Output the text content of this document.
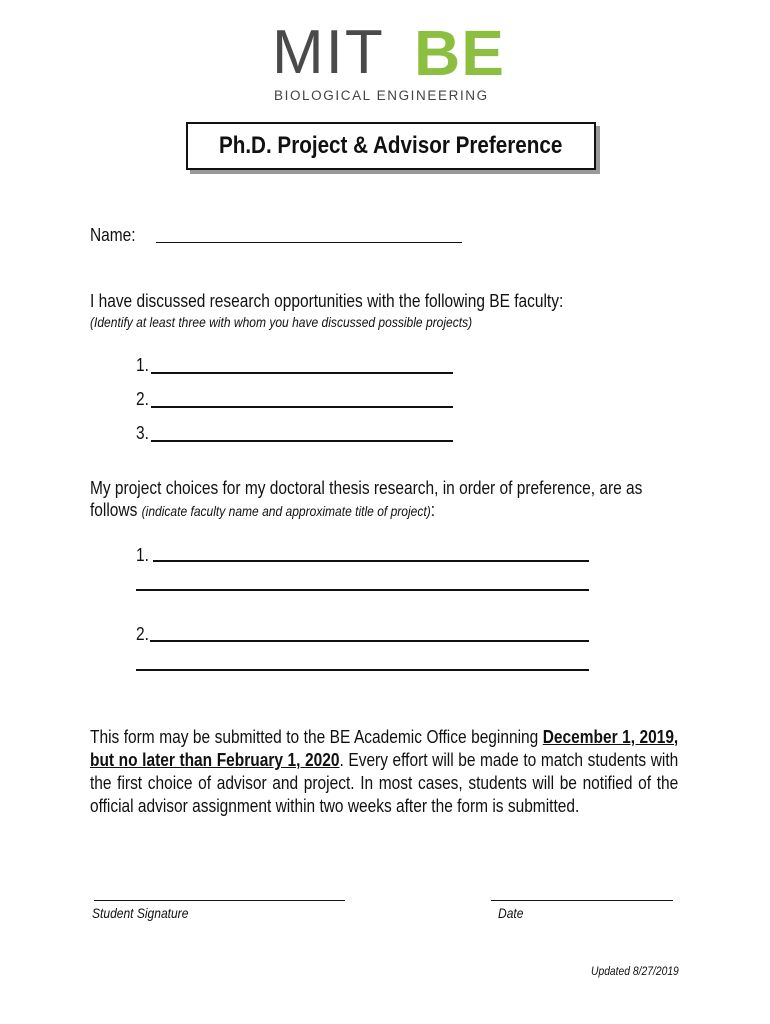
MIT BE
BIOLOGICAL ENGINEERING
Ph.D. Project & Advisor Preference
Name:
I have discussed research opportunities with the following BE faculty:
(Identify at least three with whom you have discussed possible projects)
1.
2.
3.
My project choices for my doctoral thesis research, in order of preference, are as
follows (indicate faculty name and approximate title of project):
1.
2.
This form may be submitted to the BE Academic Office beginning December 1, 2019, but no later than February 1, 2020. Every effort will be made to match students with the first choice of advisor and project. In most cases, students will be notified of the official advisor assignment within two weeks after the form is submitted.
Student Signature	Date
Updated 8/27/2019
